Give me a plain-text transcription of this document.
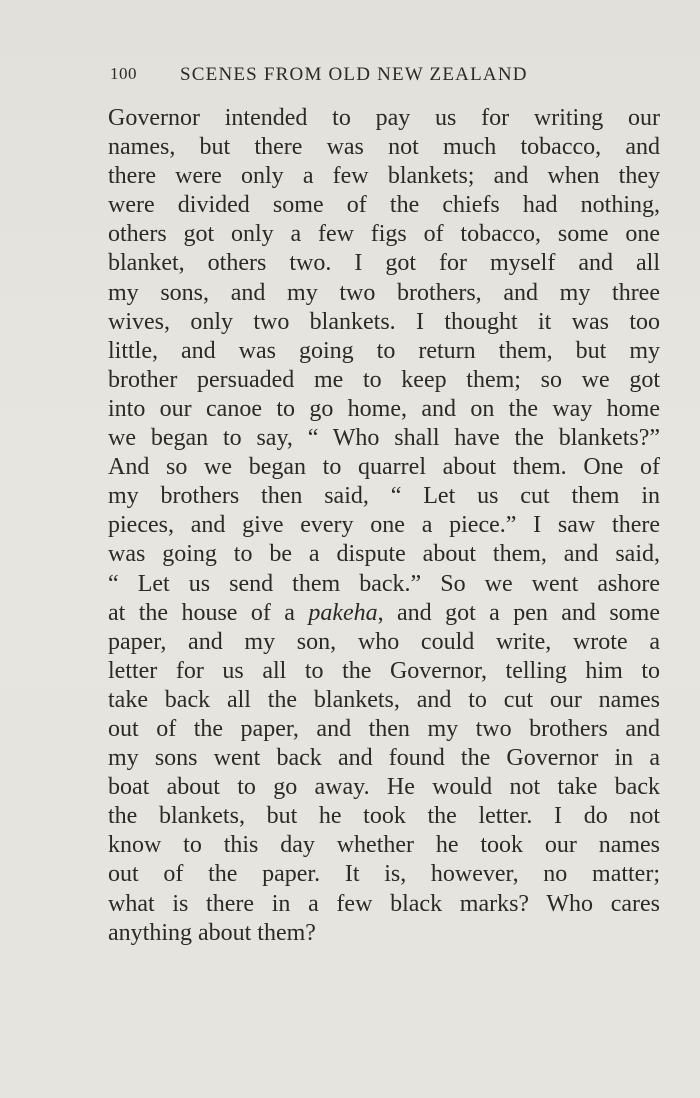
100 SCENES FROM OLD NEW ZEALAND
Governor intended to pay us for writing our
names, but there was not much tobacco, and
there were only a few blankets; and when they
were divided some of the chiefs had nothing,
others got only a few figs of tobacco, some one
blanket, others two. I got for myself and all
my sons, and my two brothers, and my three
wives, only two blankets. I thought it was too
little, and was going to return them, but my
brother persuaded me to keep them; so we got
into our canoe to go home, and on the way home
we began to say, “ Who shall have the blankets?”
And so we began to quarrel about them. One of
my brothers then said, “ Let us cut them in
pieces, and give every one a piece.” I saw there
was going to be a dispute about them, and said,
“ Let us send them back.” So we went ashore
at the house of a pakeha, and got a pen and some
paper, and my son, who could write, wrote a
letter for us all to the Governor, telling him to
take back all the blankets, and to cut our names
out of the paper, and then my two brothers and
my sons went back and found the Governor in a
boat about to go away. He would not take back
the blankets, but he took the letter. I do not
know to this day whether he took our names
out of the paper. It is, however, no matter;
what is there in a few black marks? Who cares
anything about them?
